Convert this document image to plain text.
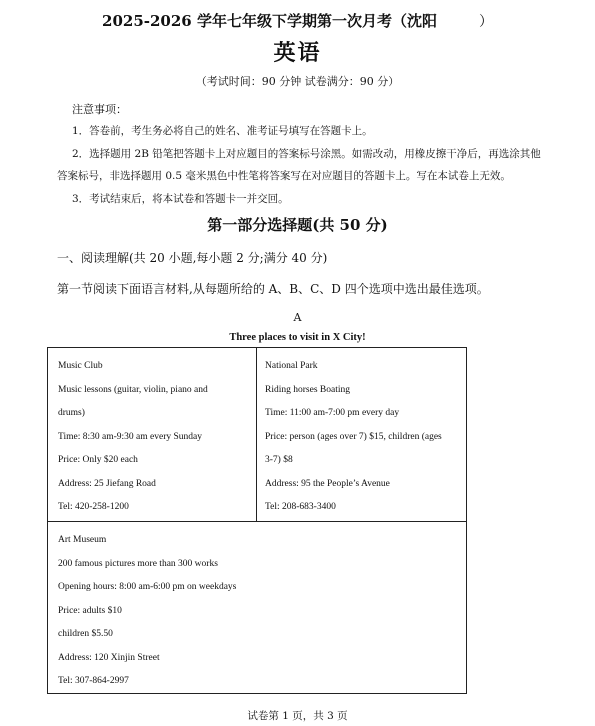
2025-2026 学年七年级下学期第一次月考（沈阳	）
英语
（考试时间：90 分钟 试卷满分：90 分）
注意事项：
1．答卷前，考生务必将自己的姓名、准考证号填写在答题卡上。
2．选择题用 2B 铅笔把答题卡上对应题目的答案标号涂黑。如需改动，用橡皮擦干净后，再选涂其他答案标号，非选择题用 0.5 毫米黑色中性笔将答案写在对应题目的答题卡上。写在本试卷上无效。
3．考试结束后，将本试卷和答题卡一并交回。
第一部分选择题(共 50 分)
一、阅读理解(共 20 小题,每小题 2 分;满分 40 分)
第一节阅读下面语言材料,从每题所给的 A、B、C、D 四个选项中选出最佳选项。
A
Three places to visit in X City!
Music Club
Music lessons (guitar, violin, piano and
drums)
Time: 8:30 am-9:30 am every Sunday
Price: Only $20 each
Address: 25 Jiefang Road
Tel: 420-258-1200
National Park
Riding horses Boating
Time: 11:00 am-7:00 pm every day
Price: person (ages over 7) $15, children (ages
3-7) $8
Address: 95 the People’s Avenue
Tel: 208-683-3400
Art Museum
200 famous pictures more than 300 works
Opening hours: 8:00 am-6:00 pm on weekdays
Price: adults $10
children $5.50
Address: 120 Xinjin Street
Tel: 307-864-2997
试卷第 1 页，共 3 页
